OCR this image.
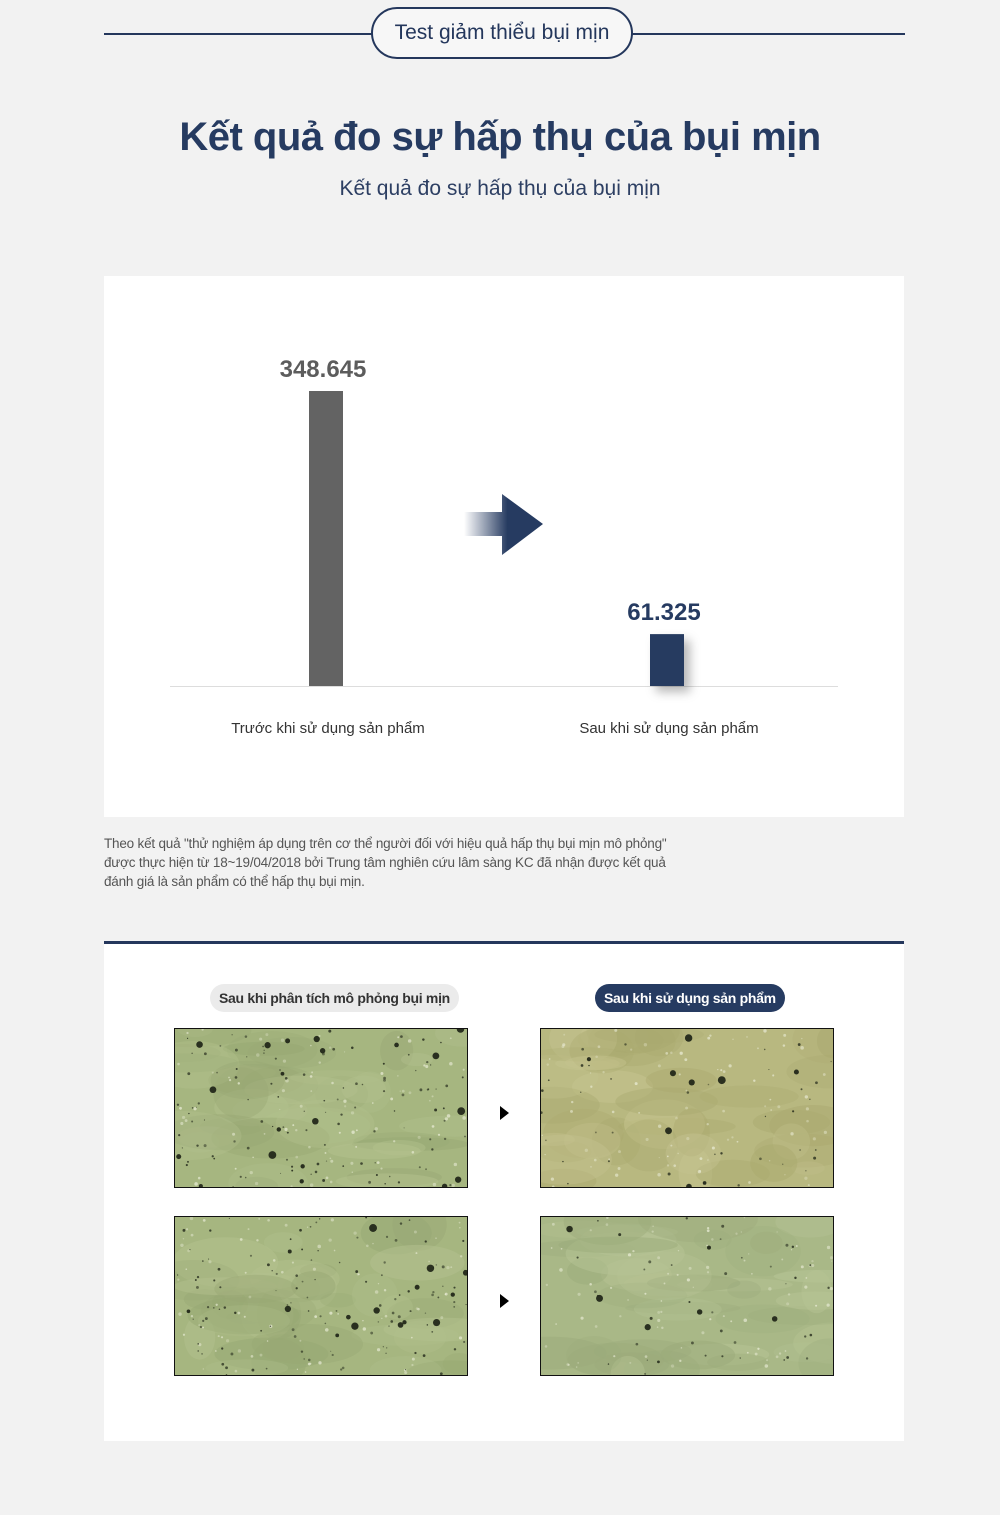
Test giảm thiểu bụi mịn
Kết quả đo sự hấp thụ của bụi mịn
Kết quả đo sự hấp thụ của bụi mịn
348.645
Trước khi sử dụng sản phẩm
61.325
Sau khi sử dụng sản phẩm
Theo kết quả "thử nghiệm áp dụng trên cơ thể người đối với hiệu quả hấp thụ bụi mịn mô phỏng"
được thực hiện từ 18~19/04/2018 bởi Trung tâm nghiên cứu lâm sàng KC đã nhận được kết quả
đánh giá là sản phẩm có thể hấp thụ bụi mịn.
Sau khi phân tích mô phỏng bụi mịn	Sau khi sử dụng sản phẩm
